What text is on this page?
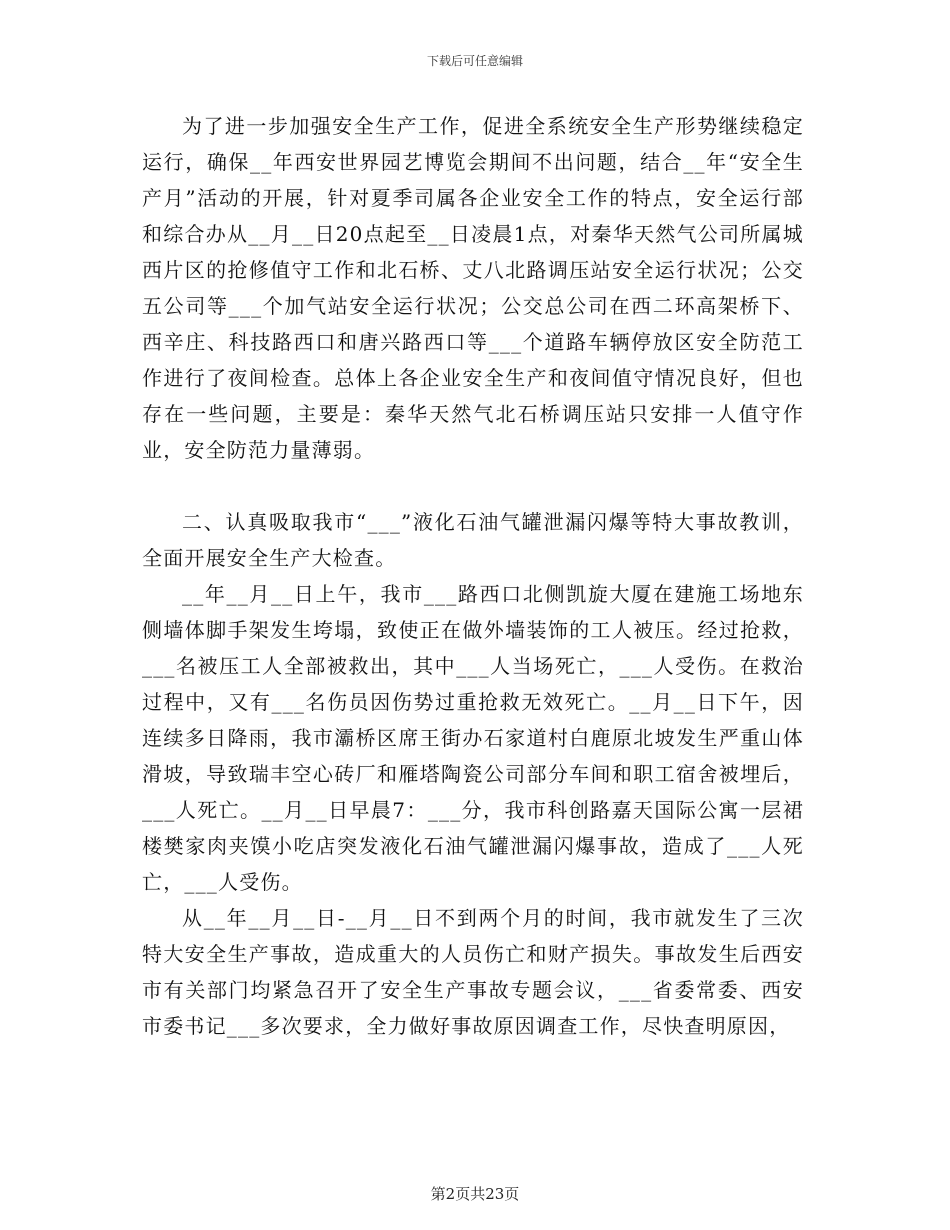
下载后可任意编辑

为了进一步加强安全生产工作，促进全系统安全生产形势继续稳定运行，确保__年西安世界园艺博览会期间不出问题，结合__年“安全生产月”活动的开展，针对夏季司属各企业安全工作的特点，安全运行部和综合办从__月__日20点起至__日凌晨1点，对秦华天然气公司所属城西片区的抢修值守工作和北石桥、丈八北路调压站安全运行状况；公交五公司等___个加气站安全运行状况；公交总公司在西二环高架桥下、西辛庄、科技路西口和唐兴路西口等___个道路车辆停放区安全防范工作进行了夜间检查。总体上各企业安全生产和夜间值守情况良好，但也存在一些问题，主要是：秦华天然气北石桥调压站只安排一人值守作业，安全防范力量薄弱。

二、认真吸取我市“___”液化石油气罐泄漏闪爆等特大事故教训，全面开展安全生产大检查。

__年__月__日上午，我市___路西口北侧凯旋大厦在建施工场地东侧墙体脚手架发生垮塌，致使正在做外墙装饰的工人被压。经过抢救，___名被压工人全部被救出，其中___人当场死亡，___人受伤。在救治过程中，又有___名伤员因伤势过重抢救无效死亡。__月__日下午，因连续多日降雨，我市灞桥区席王街办石家道村白鹿原北坡发生严重山体滑坡，导致瑞丰空心砖厂和雁塔陶瓷公司部分车间和职工宿舍被埋后，___人死亡。__月__日早晨7：___分，我市科创路嘉天国际公寓一层裙楼樊家肉夹馍小吃店突发液化石油气罐泄漏闪爆事故，造成了___人死亡，___人受伤。

从__年__月__日-__月__日不到两个月的时间，我市就发生了三次特大安全生产事故，造成重大的人员伤亡和财产损失。事故发生后西安市有关部门均紧急召开了安全生产事故专题会议，___省委常委、西安市委书记___多次要求，全力做好事故原因调查工作，尽快查明原因，

第2页共23页
